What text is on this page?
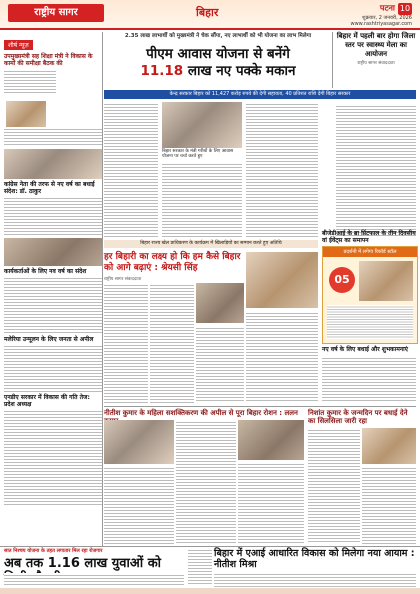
राष्ट्रीय सागर	बिहार	पटना 10
शुक्रवार, 2 जनवरी, 2026
www.rashtriyasagar.com
शीर्ष न्यूज़
उपमुख्यमंत्री सह शिक्षा मंत्री ने विकास के कामों की समीक्षा बैठक की

कांग्रेस नेता की तरफ से नए वर्ष का बधाई संदेश: डॉ. ठाकुर
कार्यकर्ताओं के लिए नव वर्ष का संदेश
मलेरिया उन्मूलन के लिए जनता से अपील
एनडीए सरकार में विकास की गति तेज: प्रदेश अध्यक्ष
2.35 लाख लाभार्थी को मुख्यमंत्री ने चेक सौंपा, नए लाभार्थी को भी योजना का लाभ मिलेगा
पीएम आवास योजना से बनेंगे
11.18 लाख नए पक्के मकान
केन्द्र सरकार बिहार को 11,427 करोड़ रुपये की देगी सहायता, 40 प्रतिशत राशि देगी बिहार सरकार
बिहार सरकार के मंत्री गरीबों के लिए आवास योजना पर चर्चा करते हुए
बिहार में पहली बार होगा जिला स्तर पर स्वास्थ्य मेला का आयोजन
राष्ट्रीय सागर संवाददाता
बिहार राज्य खेल प्राधिकरण के कार्यक्रम में खिलाड़ियों का सम्मान करते हुए अतिथि
हर बिहारी का लक्ष्य हो कि हम कैसे बिहार को आगे बढ़ाएं : श्रेयसी सिंह
राष्ट्रीय सागर संवाददाता
बीजेडीआई के ब्रा प्रिंटफाल के तीन दिवसीय वां ईवेंट्स का समापन
प्रदर्शनी में लगेगा रिकॉर्ड स्टॉल
05
नए वर्ष के लिए बधाई और शुभकामनाएं
नीतीश कुमार के महिला सशक्तिकरण की अपील से पूरा बिहार रोशन : ललन निशांत कुमार के जन्मदिन पर बधाई देने का सिलसिला जारी रहा
सात निश्चय योजना के तहत लगातार मिल रहा रोजगार
अब तक 1.16 लाख युवाओं को
बिहार में एआई आधारित विकास को मिलेगा नया आयाम : नीतीश मिश्रा
